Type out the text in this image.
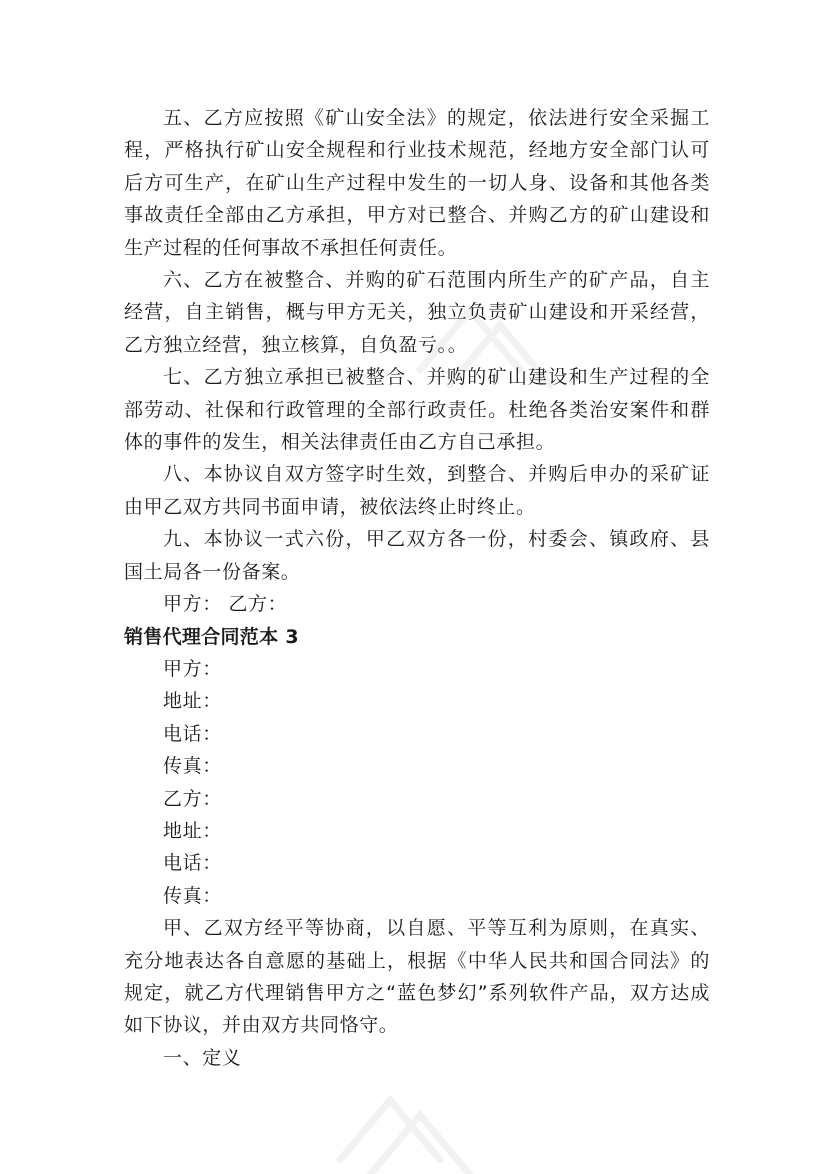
五、乙方应按照《矿山安全法》的规定，依法进行安全采掘工程，严格执行矿山安全规程和行业技术规范，经地方安全部门认可后方可生产，在矿山生产过程中发生的一切人身、设备和其他各类事故责任全部由乙方承担，甲方对已整合、并购乙方的矿山建设和生产过程的任何事故不承担任何责任。

六、乙方在被整合、并购的矿石范围内所生产的矿产品，自主经营，自主销售，概与甲方无关，独立负责矿山建设和开采经营，乙方独立经营，独立核算，自负盈亏。。

七、乙方独立承担已被整合、并购的矿山建设和生产过程的全部劳动、社保和行政管理的全部行政责任。杜绝各类治安案件和群体的事件的发生，相关法律责任由乙方自己承担。

八、本协议自双方签字时生效，到整合、并购后申办的采矿证由甲乙双方共同书面申请，被依法终止时终止。

九、本协议一式六份，甲乙双方各一份，村委会、镇政府、县国土局各一份备案。

甲方： 乙方：

销售代理合同范本 3

甲方：

地址：

电话：

传真：

乙方：

地址：

电话：

传真：

甲、乙双方经平等协商，以自愿、平等互利为原则，在真实、充分地表达各自意愿的基础上，根据《中华人民共和国合同法》的规定，就乙方代理销售甲方之“蓝色梦幻”系列软件产品，双方达成如下协议，并由双方共同恪守。

一、定义
